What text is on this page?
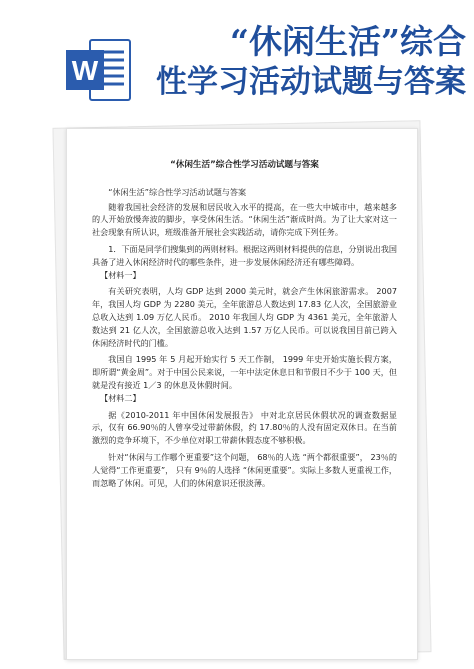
W
“休闲生活”综合
性学习活动试题与答案
“休闲生活”综合性学习活动试题与答案

“休闲生活”综合性学习活动试题与答案

随着我国社会经济的发展和居民收入水平的提高，在一些大中城市中，越来越多的人开始放慢奔波的脚步，享受休闲生活。“休闲生活”渐成时尚。为了让大家对这一社会现象有所认识，班级准备开展社会实践活动，请你完成下列任务。

1．下面是同学们搜集到的两则材料。根据这两则材料提供的信息，分别说出我国具备了进入休闲经济时代的哪些条件，进一步发展休闲经济还有哪些障碍。

【材料一】

有关研究表明，人均 GDP 达到 2000 美元时，就会产生休闲旅游需求。 2007 年，我国人均 GDP 为 2280 美元，全年旅游总人数达到 17.83 亿人次，全国旅游业总收入达到 1.09 万亿人民币。 2010 年我国人均 GDP 为 4361 美元，全年旅游人数达到 21 亿人次，全国旅游总收入达到 1.57 万亿人民币。可以说我国目前已跨入休闲经济时代的门槛。

我国自 1995 年 5 月起开始实行 5 天工作制， 1999 年史开始实施长假方案， 即所谓“黄金周”。对于中国公民来说，一年中法定休息日和节假日不少于 100 天，但就是没有接近 1／3 的休息及休假时间。

【材料二】

据《2010-2011 年中国休闲发展报告》 中对北京居民休假状况的调查数据显示，仅有 66.90％的人曾享受过带薪休假，约 17.80％的人没有固定双休日。在当前激烈的竞争环境下，不少单位对职工带薪休假态度不够积极。

针对“休闲与工作哪个更重要”这个问题， 68％的人选 “两个都很重要”， 23％的人觉得“工作更重要”， 只有 9％的人选择 “休闲更重要”。实际上多数人更重视工作，而忽略了休闲。可见，人们的休闲意识还很淡薄。
